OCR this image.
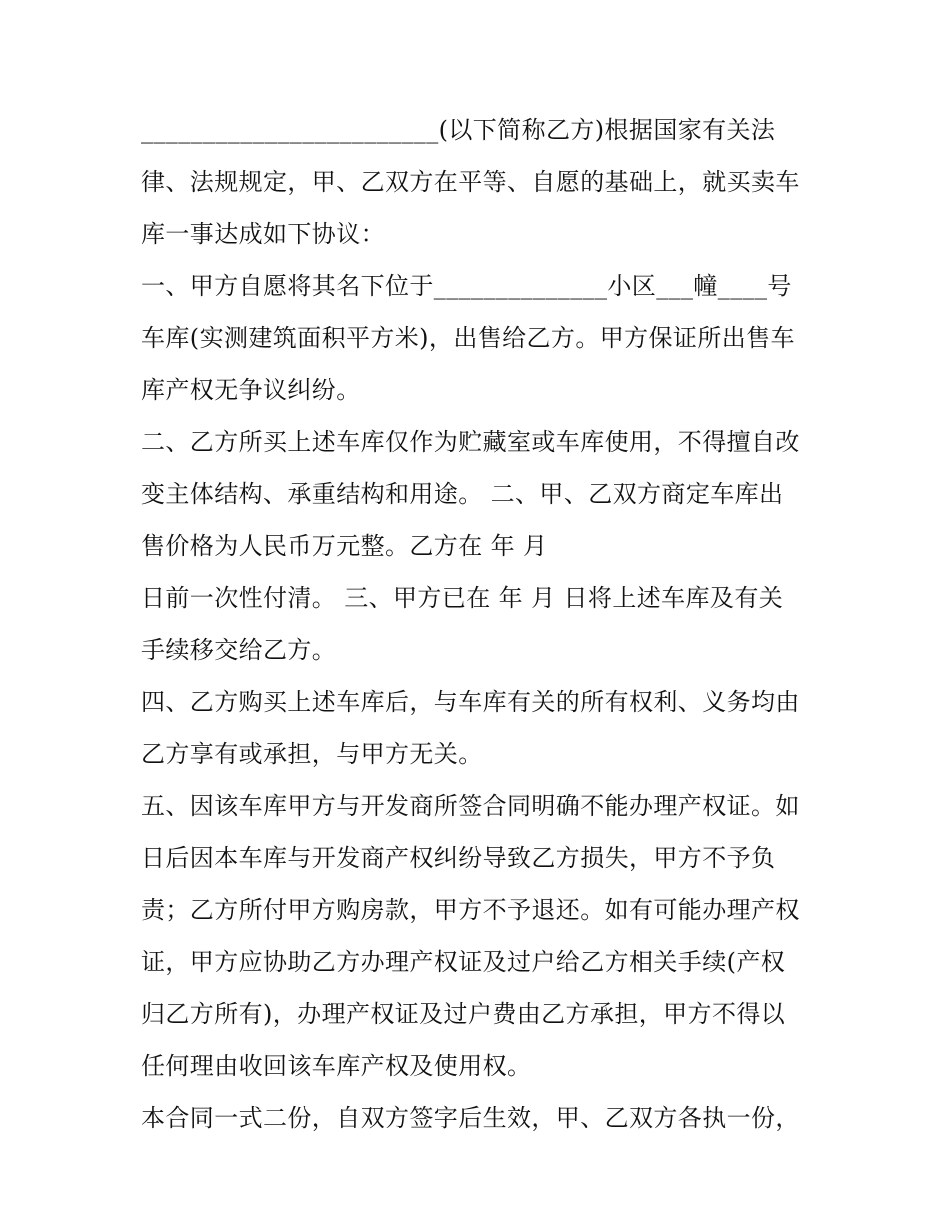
________________________(以下简称乙方)根据国家有关法
律、法规规定，甲、乙双方在平等、自愿的基础上，就买卖车
库一事达成如下协议：
一、甲方自愿将其名下位于______________小区___幢____号
车库(实测建筑面积平方米)，出售给乙方。甲方保证所出售车
库产权无争议纠纷。
二、乙方所买上述车库仅作为贮藏室或车库使用，不得擅自改
变主体结构、承重结构和用途。 二、甲、乙双方商定车库出
售价格为人民币万元整。乙方在 年 月
日前一次性付清。 三、甲方已在 年 月 日将上述车库及有关
手续移交给乙方。
四、乙方购买上述车库后，与车库有关的所有权利、义务均由
乙方享有或承担，与甲方无关。
五、因该车库甲方与开发商所签合同明确不能办理产权证。如
日后因本车库与开发商产权纠纷导致乙方损失，甲方不予负
责；乙方所付甲方购房款，甲方不予退还。如有可能办理产权
证，甲方应协助乙方办理产权证及过户给乙方相关手续(产权
归乙方所有)，办理产权证及过户费由乙方承担，甲方不得以
任何理由收回该车库产权及使用权。
本合同一式二份，自双方签字后生效，甲、乙双方各执一份，
